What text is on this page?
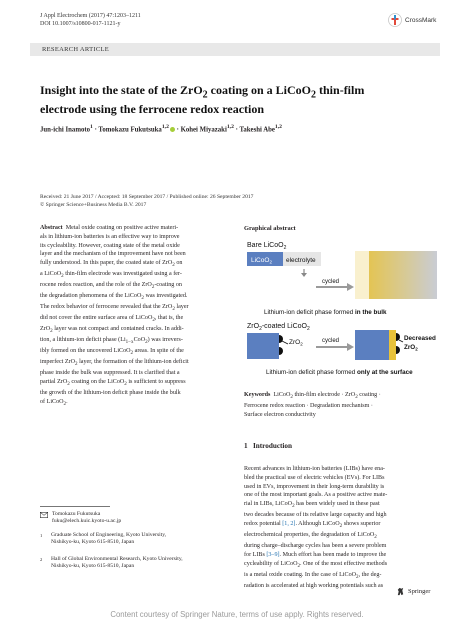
J Appl Electrochem (2017) 47:1203–1211
DOI 10.1007/s10800-017-1121-y	CrossMark
RESEARCH ARTICLE
Insight into the state of the ZrO$_2$ coating on a LiCoO$_2$ thin-film
electrode using the ferrocene redox reaction
Jun-ichi Inamoto$^1$ · Tomokazu Fukutsuka$^{1,2}$ · Kohei Miyazaki$^{1,2}$ · Takeshi Abe$^{1,2}$
Received: 21 June 2017 / Accepted: 18 September 2017 / Published online: 26 September 2017
© Springer Science+Business Media B.V. 2017
Abstract Metal oxide coating on positive active materi-
als in lithium-ion batteries is an effective way to improve
its cycleability. However, coating state of the metal oxide
layer and the mechanism of the improvement have not been
fully understood. In this paper, the coated state of ZrO$_2$ on
a LiCoO$_2$ thin-film electrode was investigated using a fer-
rocene redox reaction, and the role of the ZrO$_2$-coating on
the degradation phenomena of the LiCoO$_2$ was investigated.
The redox behavior of ferrocene revealed that the ZrO$_2$ layer
did not cover the entire surface area of LiCoO$_2$, that is, the
ZrO$_2$ layer was not compact and contained cracks. In addi-
tion, a lithium-ion deficit phase $(Li_{1-x}CoO_2)$ was irrevers-
ibly formed on the uncovered LiCoO$_2$ areas. In spite of the
imperfect ZrO$_2$ layer, the formation of the lithium-ion deficit
phase inside the bulk was suppressed. It is clarified that a
partial ZrO$_2$ coating on the LiCoO$_2$ is sufficient to suppress
the growth of the lithium-ion deficit phase inside the bulk
of LiCoO$_2$.
Graphical abstract
Bare LiCoO$_2$
LiCoO$_2$ electrolyte
cycled
Lithium-ion deficit phase formed in the bulk
ZrO$_2$-coated LiCoO$_2$
ZrO$_2$	cycled	Decreased
ZrO$_2$
Lithium-ion deficit phase formed only at the surface
Keywords LiCoO$_2$ thin-film electrode · ZrO$_2$ coating ·
Ferrocene redox reaction · Degradation mechanism ·
Surface electron conductivity
1 Introduction
Recent advances in lithium-ion batteries (LIBs) have ena-
bled the practical use of electric vehicles (EVs). For LIBs
used in EVs, improvement in their long-term durability is
one of the most important goals. As a positive active mate-
rial in LIBs, LiCoO$_2$ has been widely used in these past
two decades because of its relative large capacity and high
redox potential [1, 2]. Although LiCoO$_2$ shows superior
electrochemical properties, the degradation of LiCoO$_2$
during charge–discharge cycles has been a severe problem
for LIBs [3–9]. Much effort has been made to improve the
cycleability of LiCoO$_2$. One of the most effective methods
is a metal oxide coating. In the case of LiCoO$_2$, the deg-
radation is accelerated at high working potentials such as
Tomokazu Fukutsuka
fuku@elech.kuic.kyoto-u.ac.jp
1	Graduate School of Engineering, Kyoto University,
Nishikyo-ku, Kyoto 615-8510, Japan
2	Hall of Global Environmental Research, Kyoto University,
Nishikyo-ku, Kyoto 615-8510, Japan
Springer
Content courtesy of Springer Nature, terms of use apply. Rights reserved.
